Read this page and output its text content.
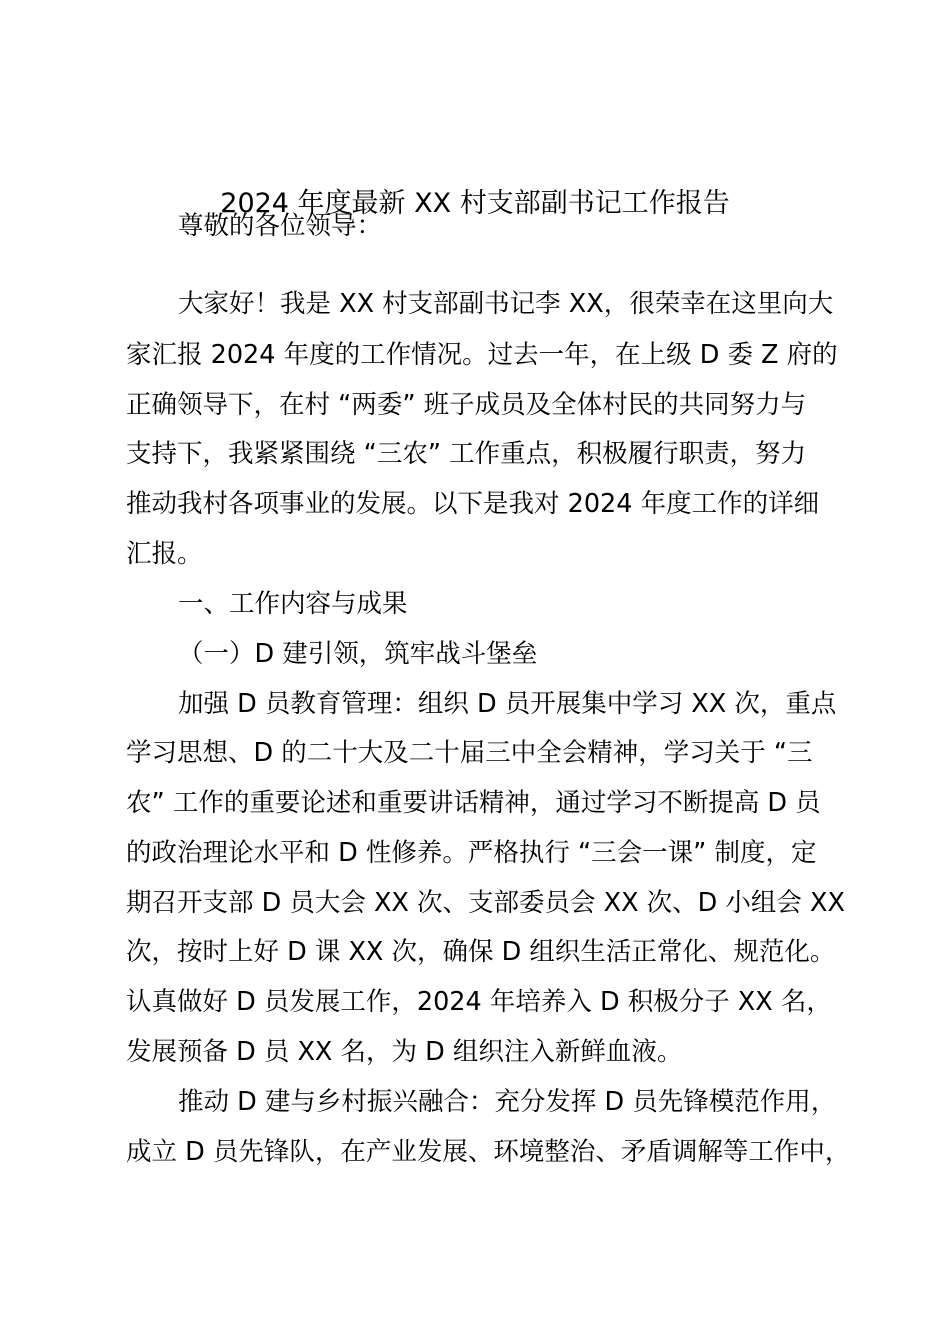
2024 年度最新 XX 村支部副书记工作报告
尊敬的各位领导：
大家好！我是 XX 村支部副书记李 XX，很荣幸在这里向大
家汇报 2024 年度的工作情况。过去一年，在上级 D 委 Z 府的
正确领导下，在村 “两委” 班子成员及全体村民的共同努力与
支持下，我紧紧围绕 “三农” 工作重点，积极履行职责，努力
推动我村各项事业的发展。以下是我对 2024 年度工作的详细
汇报。
一、工作内容与成果
（一）D 建引领，筑牢战斗堡垒
加强 D 员教育管理：组织 D 员开展集中学习 XX 次，重点
学习思想、D 的二十大及二十届三中全会精神，学习关于 “三
农” 工作的重要论述和重要讲话精神，通过学习不断提高 D 员
的政治理论水平和 D 性修养。严格执行 “三会一课” 制度，定
期召开支部 D 员大会 XX 次、支部委员会 XX 次、D 小组会 XX
次，按时上好 D 课 XX 次，确保 D 组织生活正常化、规范化。
认真做好 D 员发展工作，2024 年培养入 D 积极分子 XX 名，
发展预备 D 员 XX 名，为 D 组织注入新鲜血液。
推动 D 建与乡村振兴融合：充分发挥 D 员先锋模范作用，
成立 D 员先锋队，在产业发展、环境整治、矛盾调解等工作中，
